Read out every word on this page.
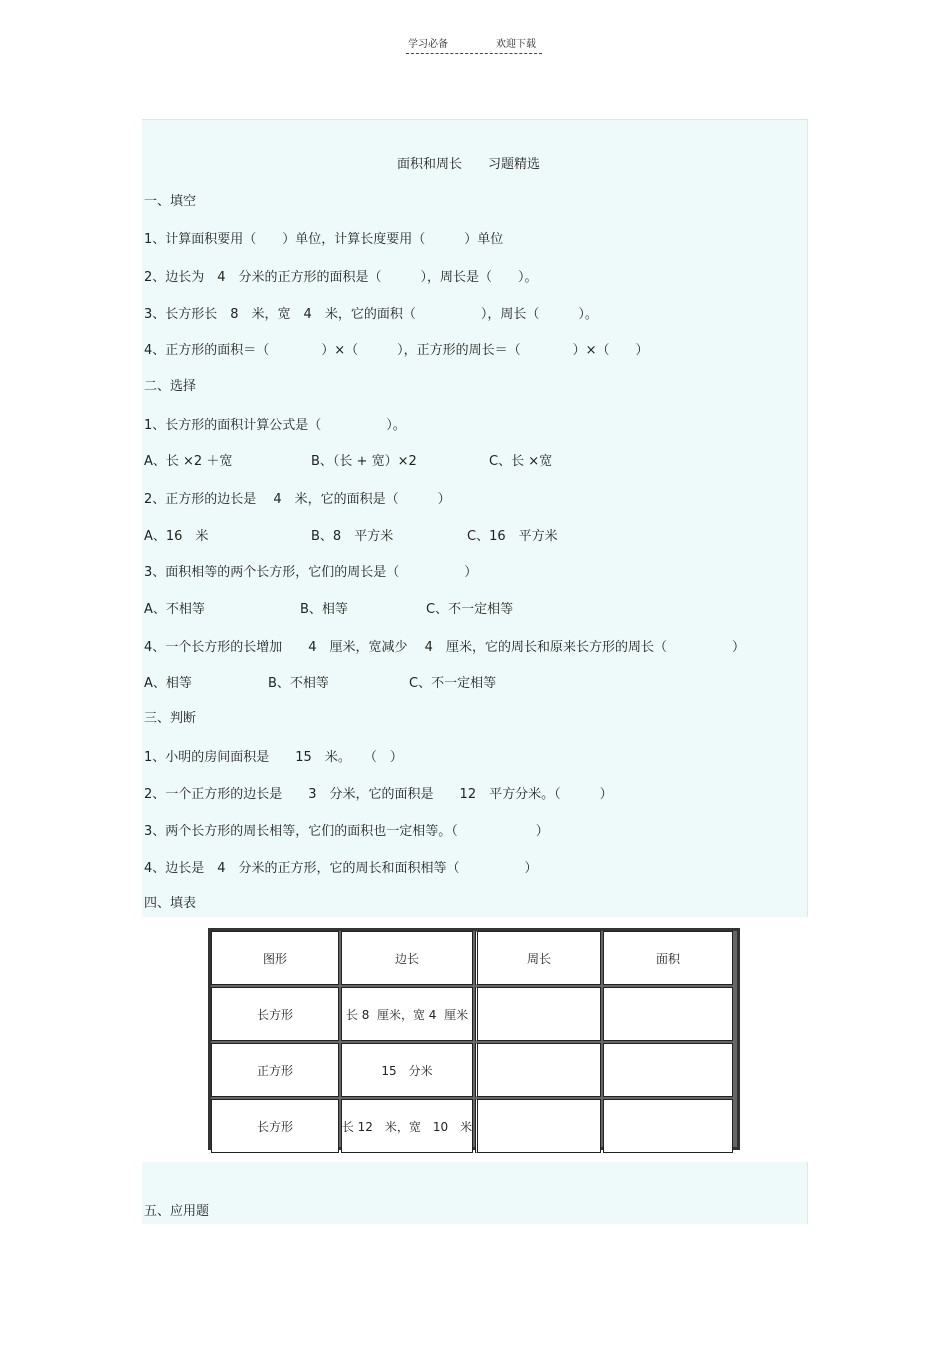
学习必备	欢迎下载
面积和周长　　习题精选
一、填空
1、计算面积要用（　　）单位，计算长度要用（　　　）单位
2、边长为　4　分米的正方形的面积是（　　　），周长是（　　）。
3、长方形长　8　米，宽　4　米，它的面积（　　　　　），周长（　　　）。
4、正方形的面积＝（　　　　）×（　　　），正方形的周长＝（　　　　）×（　　）
二、选择
1、长方形的面积计算公式是（　　　　　）。
A、长 ×2 ＋宽	B、（长 + 宽）×2	C、长 ×宽
2、正方形的边长是　 4　米，它的面积是（　　　）
A、16　米	B、8　平方米	C、16　平方米
3、面积相等的两个长方形，它们的周长是（　　　　　）
A、不相等	B、相等	C、不一定相等
4、一个长方形的长增加　　4　厘米，宽减少　 4　厘米，它的周长和原来长方形的周长（　　　　　）
A、相等	B、不相等	C、不一定相等
三、判断
1、小明的房间面积是　　15　米。　　（　）
2、一个正方形的边长是　　3　分米，它的面积是　　12　平方分米。（　　　）
3、两个长方形的周长相等，它们的面积也一定相等。（　　　　　　）
4、边长是　4　分米的正方形，它的周长和面积相等（　　　　　）
四、填表
图形	边长	周长	面积
长方形	长 8  厘米，宽 4  厘米
正方形	15　分米
长方形	长 12　米，宽　10　米
五、应用题
